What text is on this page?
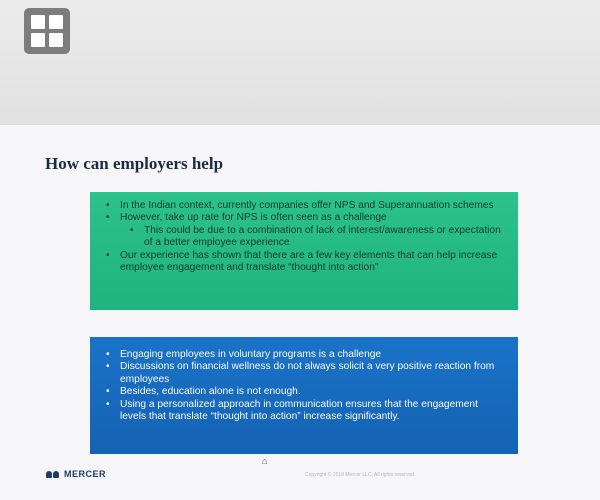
How can employers help
• In the Indian context, currently companies offer NPS and Superannuation schemes
• However, take up rate for NPS is often seen as a challenge
• This could be due to a combination of lack of interest/awareness or expectation of a better employee experience
• Our experience has shown that there are a few key elements that can help increase employee engagement and translate “thought into action”
• Engaging employees in voluntary programs is a challenge
• Discussions on financial wellness do not always solicit a very positive reaction from employees
• Besides, education alone is not enough.
• Using a personalized approach in communication ensures that the engagement levels that translate “thought into action” increase significantly.
MERCER
⌂
Copyright © 2018 Mercer LLC. All rights reserved.
